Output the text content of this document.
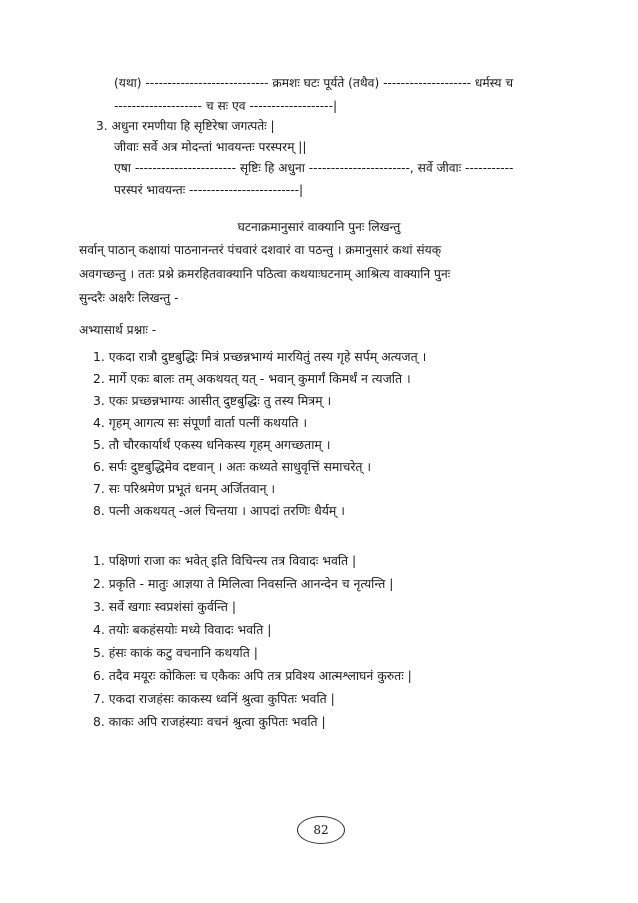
(यथा) ---------------------------- क्रमशः घटः पूर्यते (तथैव) -------------------- धर्मस्य च
-------------------- च सः एव -------------------|
3. अधुना रमणीया हि सृष्टिरेषा जगत्पतेः |
जीवाः सर्वे अत्र मोदन्तां भावयन्तः परस्परम् ||
एषा ----------------------- सृष्टिः हि अधुना -----------------------, सर्वे जीवाः -----------
परस्परं भावयन्तः -------------------------|
घटनाक्रमानुसारं वाक्यानि पुनः लिखन्तु
सर्वान् पाठान् कक्षायां पाठनानन्तरं पंचवारं दशवारं वा पठन्तु । क्रमानुसारं कथां संयक्
अवगच्छन्तु । ततः प्रश्ने क्रमरहितवाक्यानि पठित्वा कथयाःघटनाम् आश्रित्य वाक्यानि पुनः
सुन्दरैः अक्षरैः लिखन्तु -
अभ्यासार्थ प्रश्नाः -
1. एकदा रात्रौ दुष्टबुद्धिः मित्रं प्रच्छन्नभाग्यं मारयितुं तस्य गृहे सर्पम् अत्यजत् ।
2. मार्गे एकः बालः तम् अकथयत् यत् - भवान् कुमार्गं किमर्थं न त्यजति ।
3. एकः प्रच्छन्नभाग्यः आसीत् दुष्टबुद्धिः तु तस्य मित्रम् ।
4. गृहम् आगत्य सः संपूर्णां वार्ता पत्नीं कथयति ।
5. तौ चौरकार्यार्थं एकस्य धनिकस्य गृहम् अगच्छताम् ।
6. सर्पः दुष्टबुद्धिमेव दष्टवान् । अतः कथ्यते साधुवृत्तिं समाचरेत् ।
7. सः परिश्रमेण प्रभूतं धनम् अर्जितवान् ।
8. पत्नी अकथयत् -अलं चिन्तया । आपदां तरणिः धैर्यम् ।
1. पक्षिणां राजा कः भवेत् इति विचिन्त्य तत्र विवादः भवति |
2. प्रकृति - मातुः आज्ञया ते मिलित्वा निवसन्ति आनन्देन च नृत्यन्ति |
3. सर्वे खगाः स्वप्रशंसां कुर्वन्ति |
4. तयोः बकहंसयोः मध्ये विवादः भवति |
5. हंसः काकं कटु वचनानि कथयति |
6. तदैव मयूरः कोकिलः च एकैकः अपि तत्र प्रविश्य आत्मश्लाघनं कुरुतः |
7. एकदा राजहंसः काकस्य ध्वनिं श्रुत्वा कुपितः भवति |
8. काकः अपि राजहंस्याः वचनं श्रुत्वा कुपितः भवति |
82
